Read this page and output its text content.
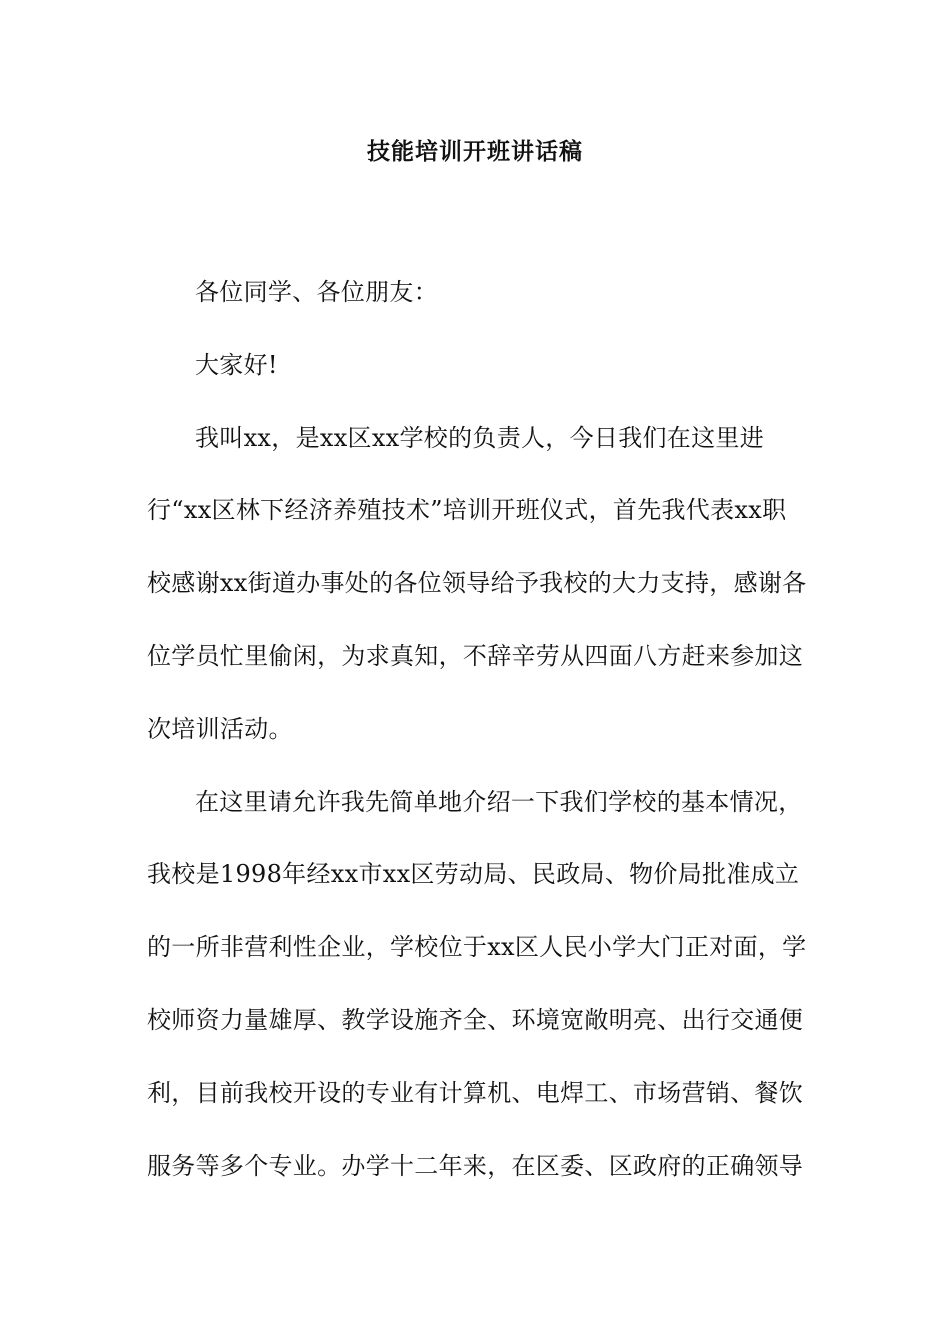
技能培训开班讲话稿

各位同学、各位朋友：

大家好!

我叫xx，是xx区xx学校的负责人，今日我们在这里进行“xx区林下经济养殖技术”培训开班仪式，首先我代表xx职校感谢xx街道办事处的各位领导给予我校的大力支持，感谢各位学员忙里偷闲，为求真知，不辞辛劳从四面八方赶来参加这次培训活动。

在这里请允许我先简单地介绍一下我们学校的基本情况，我校是1998年经xx市xx区劳动局、民政局、物价局批准成立的一所非营利性企业，学校位于xx区人民小学大门正对面，学校师资力量雄厚、教学设施齐全、环境宽敞明亮、出行交通便利，目前我校开设的专业有计算机、电焊工、市场营销、餐饮服务等多个专业。办学十二年来，在区委、区政府的正确领导
